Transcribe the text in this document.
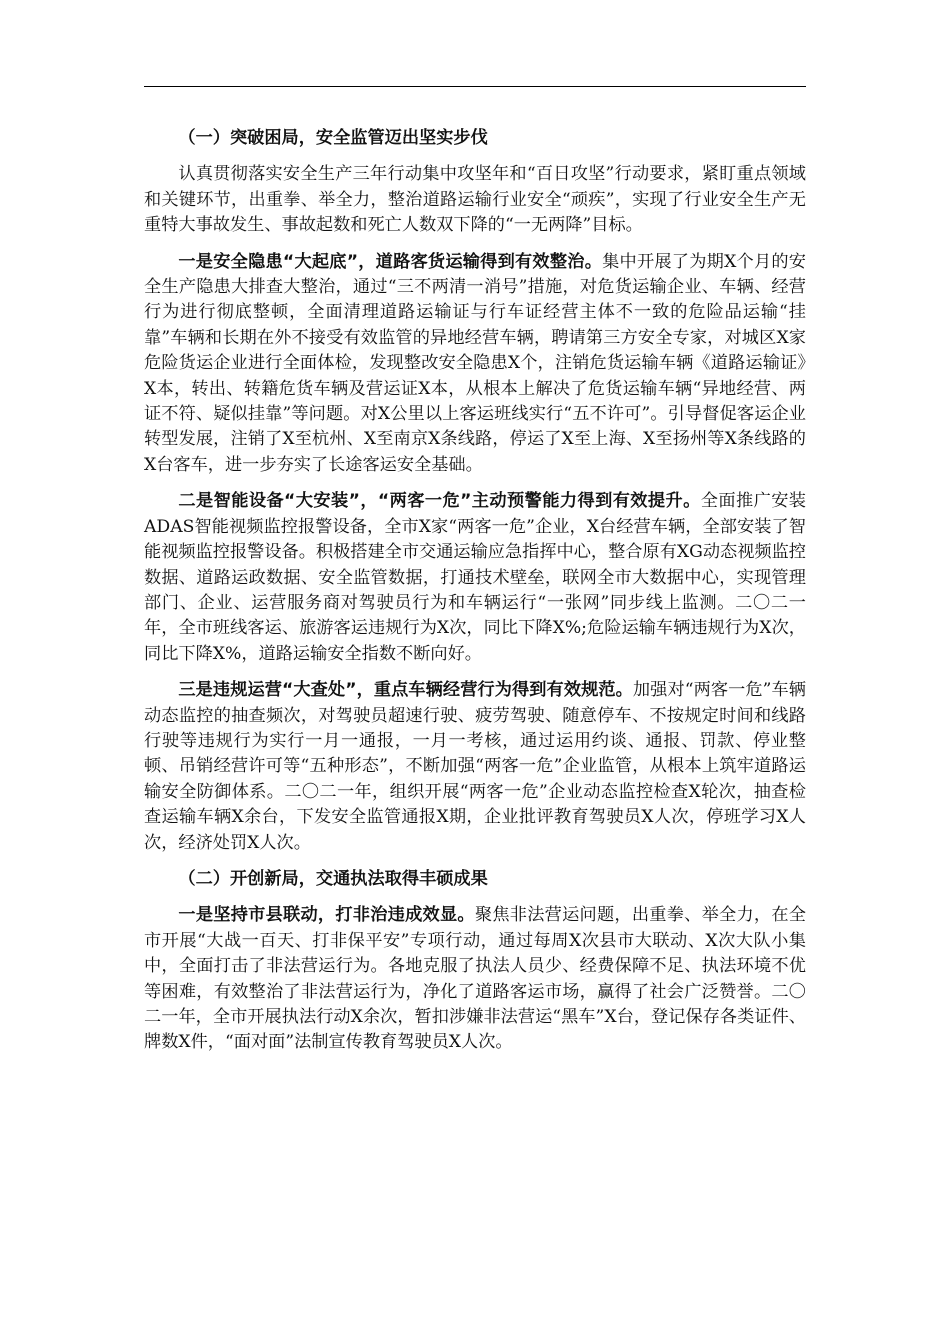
（一）突破困局，安全监管迈出坚实步伐

认真贯彻落实安全生产三年行动集中攻坚年和“百日攻坚”行动要求，紧盯重点领域和关键环节，出重拳、举全力，整治道路运输行业安全“顽疾”，实现了行业安全生产无重特大事故发生、事故起数和死亡人数双下降的“一无两降”目标。

一是安全隐患“大起底”，道路客货运输得到有效整治。集中开展了为期X个月的安全生产隐患大排查大整治，通过“三不两清一消号”措施，对危货运输企业、车辆、经营行为进行彻底整顿，全面清理道路运输证与行车证经营主体不一致的危险品运输“挂靠”车辆和长期在外不接受有效监管的异地经营车辆，聘请第三方安全专家，对城区X家危险货运企业进行全面体检，发现整改安全隐患X个，注销危货运输车辆《道路运输证》X本，转出、转籍危货车辆及营运证X本，从根本上解决了危货运输车辆“异地经营、两证不符、疑似挂靠”等问题。对X公里以上客运班线实行“五不许可”。引导督促客运企业转型发展，注销了X至杭州、X至南京X条线路，停运了X至上海、X至扬州等X条线路的X台客车，进一步夯实了长途客运安全基础。

二是智能设备“大安装”，“两客一危”主动预警能力得到有效提升。全面推广安装ADAS智能视频监控报警设备，全市X家“两客一危”企业，X台经营车辆，全部安装了智能视频监控报警设备。积极搭建全市交通运输应急指挥中心，整合原有XG动态视频监控数据、道路运政数据、安全监管数据，打通技术壁垒，联网全市大数据中心，实现管理部门、企业、运营服务商对驾驶员行为和车辆运行“一张网”同步线上监测。二〇二一年，全市班线客运、旅游客运违规行为X次，同比下降X%;危险运输车辆违规行为X次，同比下降X%，道路运输安全指数不断向好。

三是违规运营“大查处”，重点车辆经营行为得到有效规范。加强对“两客一危”车辆动态监控的抽查频次，对驾驶员超速行驶、疲劳驾驶、随意停车、不按规定时间和线路行驶等违规行为实行一月一通报，一月一考核，通过运用约谈、通报、罚款、停业整顿、吊销经营许可等“五种形态”，不断加强“两客一危”企业监管，从根本上筑牢道路运输安全防御体系。二〇二一年，组织开展“两客一危”企业动态监控检查X轮次，抽查检查运输车辆X余台，下发安全监管通报X期，企业批评教育驾驶员X人次，停班学习X人次，经济处罚X人次。

（二）开创新局，交通执法取得丰硕成果

一是坚持市县联动，打非治违成效显。聚焦非法营运问题，出重拳、举全力，在全市开展“大战一百天、打非保平安”专项行动，通过每周X次县市大联动、X次大队小集中，全面打击了非法营运行为。各地克服了执法人员少、经费保障不足、执法环境不优等困难，有效整治了非法营运行为，净化了道路客运市场，赢得了社会广泛赞誉。二〇二一年，全市开展执法行动X余次，暂扣涉嫌非法营运“黑车”X台，登记保存各类证件、牌数X件，“面对面”法制宣传教育驾驶员X人次。
